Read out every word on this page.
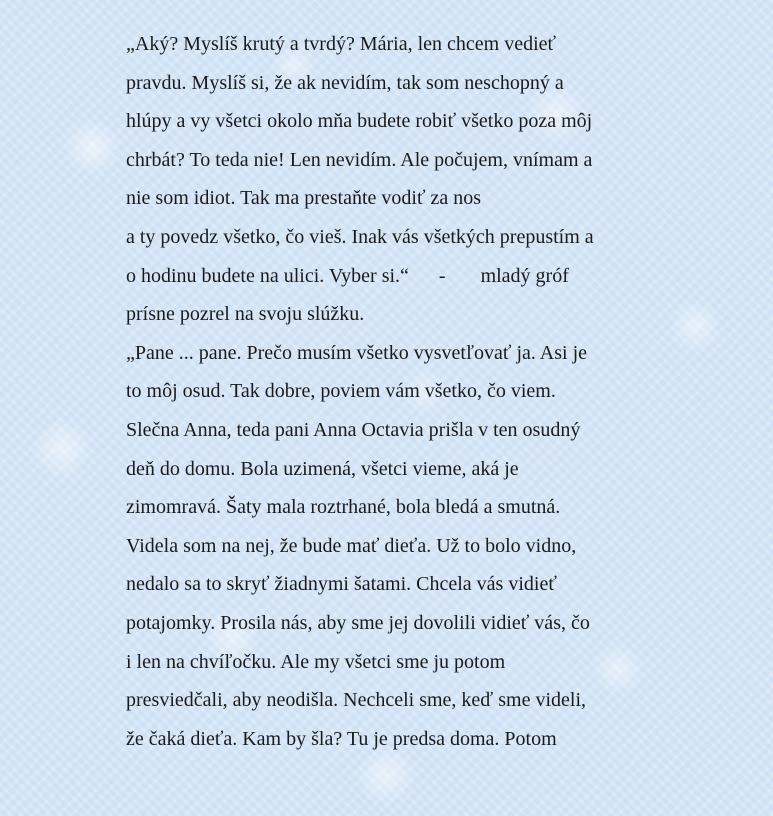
„Aký? Myslíš krutý a tvrdý? Mária, len chcem vedieť
pravdu. Myslíš si, že ak nevidím, tak som neschopný a
hlúpy a vy všetci okolo mňa budete robiť všetko poza môj
chrbát? To teda nie! Len nevidím. Ale počujem, vnímam a
nie som idiot. Tak ma prestaňte vodiť za nos
a ty povedz všetko, čo vieš. Inak vás všetkých prepustím a
o hodinu budete na ulici. Vyber si.“      -       mladý gróf
prísne pozrel na svoju slúžku.
„Pane ... pane. Prečo musím všetko vysvetľovať ja. Asi je
to môj osud. Tak dobre, poviem vám všetko, čo viem.
Slečna Anna, teda pani Anna Octavia prišla v ten osudný
deň do domu. Bola uzimená, všetci vieme, aká je
zimomravá. Šaty mala roztrhané, bola bledá a smutná.
Videla som na nej, že bude mať dieťa. Už to bolo vidno,
nedalo sa to skryť žiadnymi šatami. Chcela vás vidieť
potajomky. Prosila nás, aby sme jej dovolili vidieť vás, čo
i len na chvíľočku. Ale my všetci sme ju potom
presviedčali, aby neodišla. Nechceli sme, keď sme videli,
že čaká dieťa. Kam by šla? Tu je predsa doma. Potom
